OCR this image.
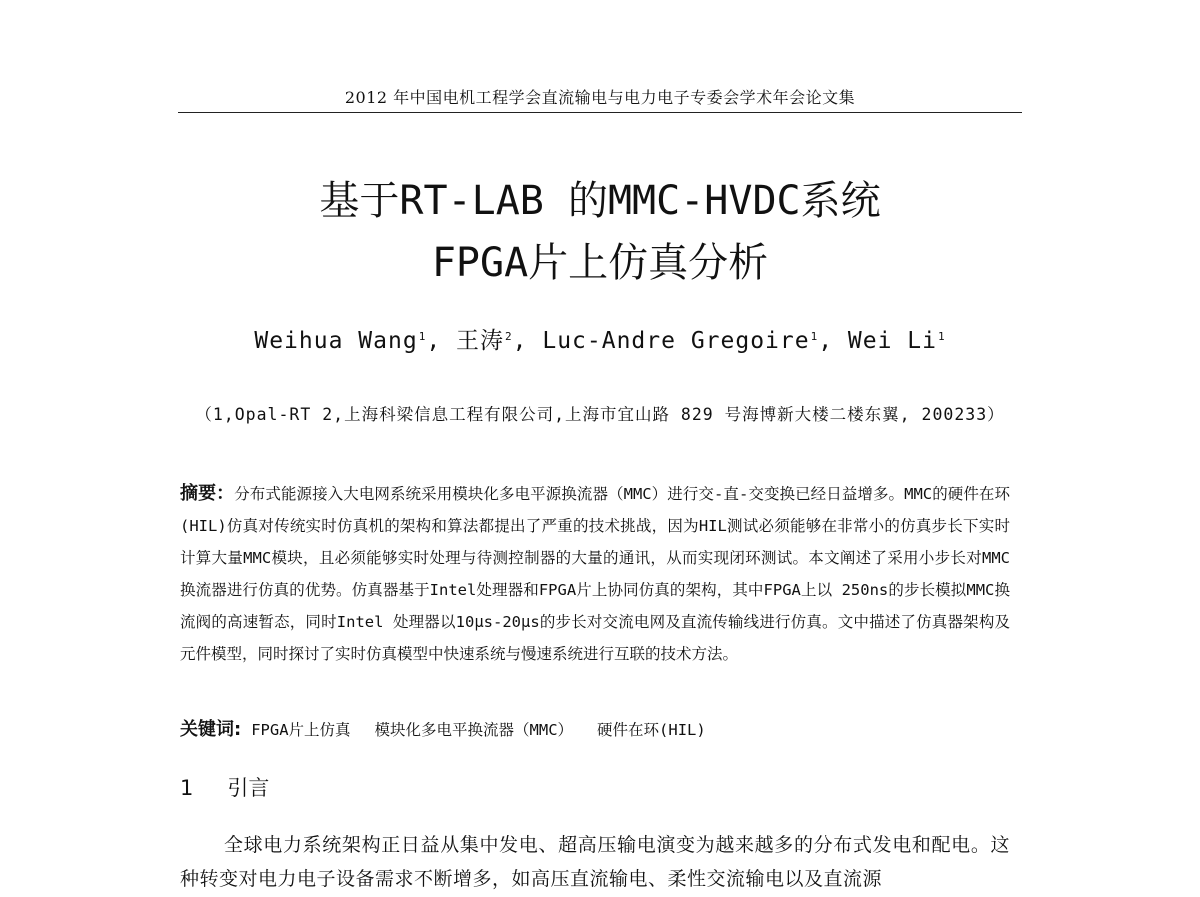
2012 年中国电机工程学会直流输电与电力电子专委会学术年会论文集
基于RT-LAB 的MMC-HVDC系统
FPGA片上仿真分析
Weihua Wang$^1$, 王涛$^2$, Luc-Andre Gregoire$^1$, Wei Li$^1$
（1,Opal-RT 2,上海科梁信息工程有限公司,上海市宜山路 829 号海博新大楼二楼东翼, 200233）
摘要：分布式能源接入大电网系统采用模块化多电平源换流器（MMC）进行交-直-交变换已经日益增多。MMC的硬件在环(HIL)仿真对传统实时仿真机的架构和算法都提出了严重的技术挑战，因为HIL测试必须能够在非常小的仿真步长下实时计算大量MMC模块，且必须能够实时处理与待测控制器的大量的通讯，从而实现闭环测试。本文阐述了采用小步长对MMC换流器进行仿真的优势。仿真器基于Intel处理器和FPGA片上协同仿真的架构，其中FPGA上以 250ns的步长模拟MMC换流阀的高速暂态，同时Intel 处理器以10μs-20μs的步长对交流电网及直流传输线进行仿真。文中描述了仿真器架构及元件模型，同时探讨了实时仿真模型中快速系统与慢速系统进行互联的技术方法。
关键词: FPGA片上仿真 模块化多电平换流器（MMC） 硬件在环(HIL)
1 引言
全球电力系统架构正日益从集中发电、超高压输电演变为越来越多的分布式发电和配电。这种转变对电力电子设备需求不断增多，如高压直流输电、柔性交流输电以及直流源
